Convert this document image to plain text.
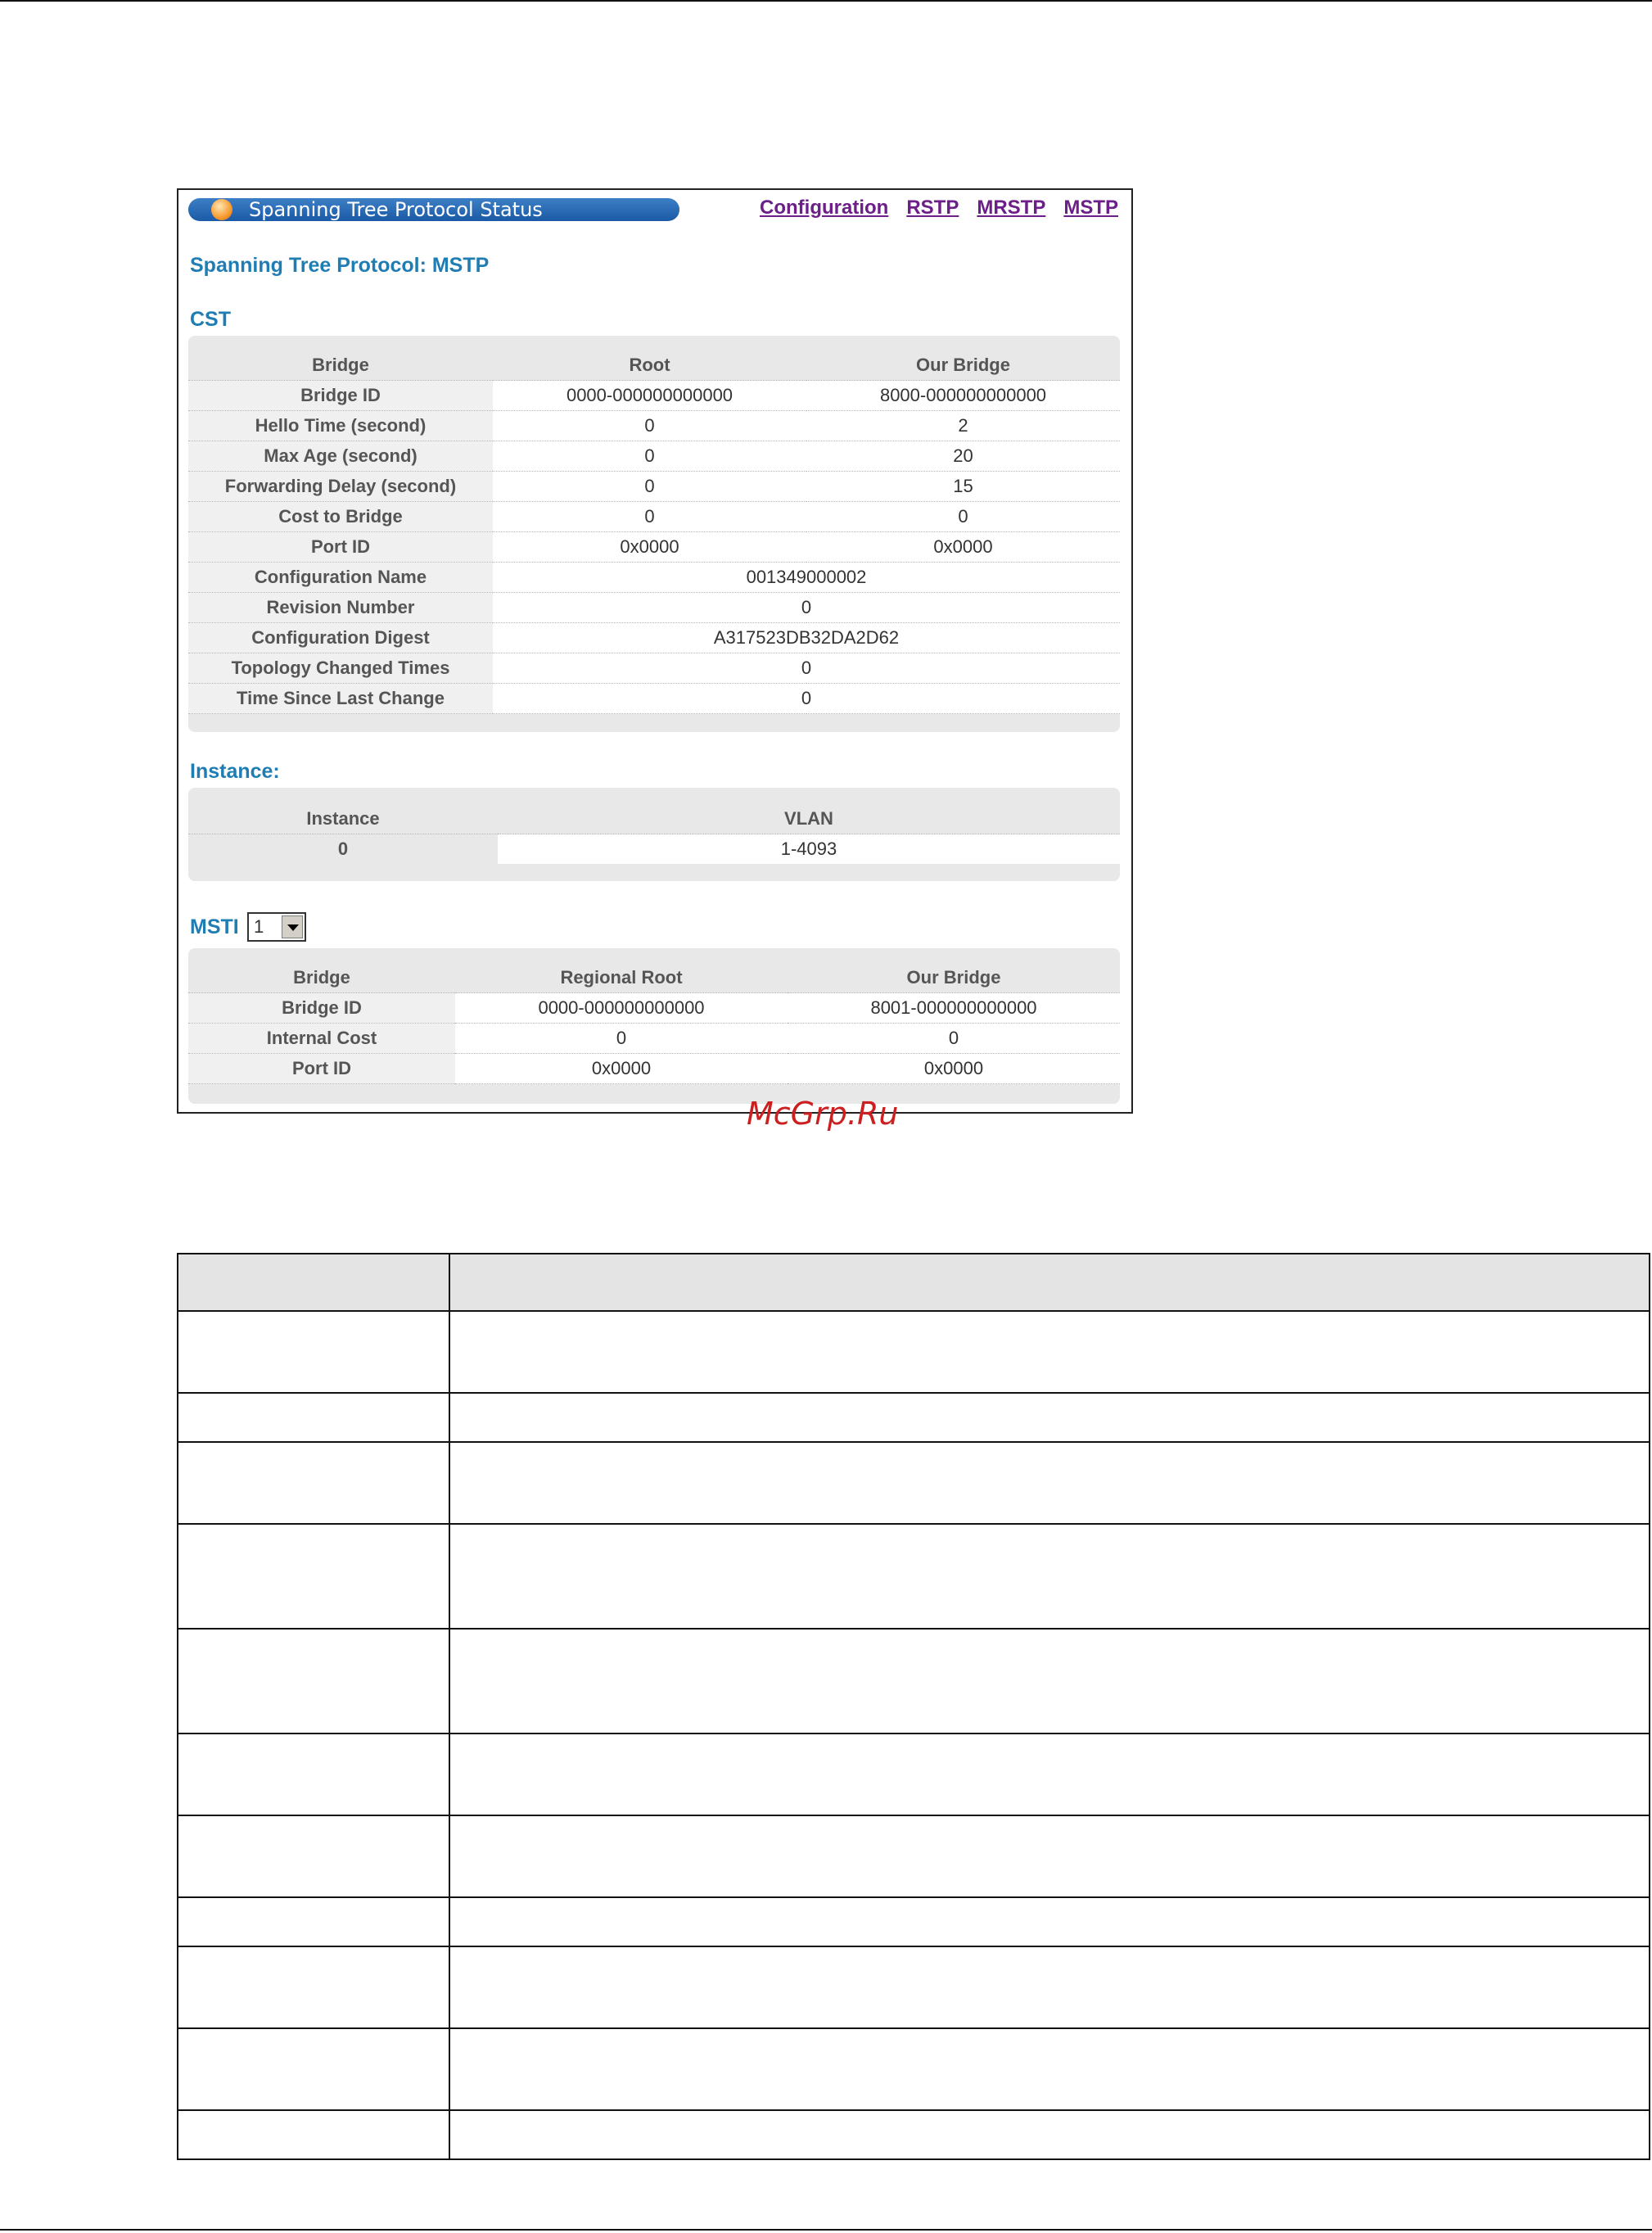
Spanning Tree Protocol Status	Configuration RSTP MRSTP MSTP
Spanning Tree Protocol: MSTP
CST
Bridge	Root	Our Bridge
Bridge ID	0000-000000000000	8000-000000000000
Hello Time (second)	0	2
Max Age (second)	0	20
Forwarding Delay (second)	0	15
Cost to Bridge	0	0
Port ID	0x0000	0x0000
Configuration Name	001349000002	
Revision Number	0	
Configuration Digest	A317523DB32DA2D62	
Topology Changed Times	0	
Time Since Last Change	0	
Instance:
Instance	VLAN
0	1-4093
MSTI 1
Bridge	Regional Root	Our Bridge
Bridge ID	0000-000000000000	8001-000000000000
Internal Cost	0	0
Port ID	0x0000	0x0000
McGrp.Ru
